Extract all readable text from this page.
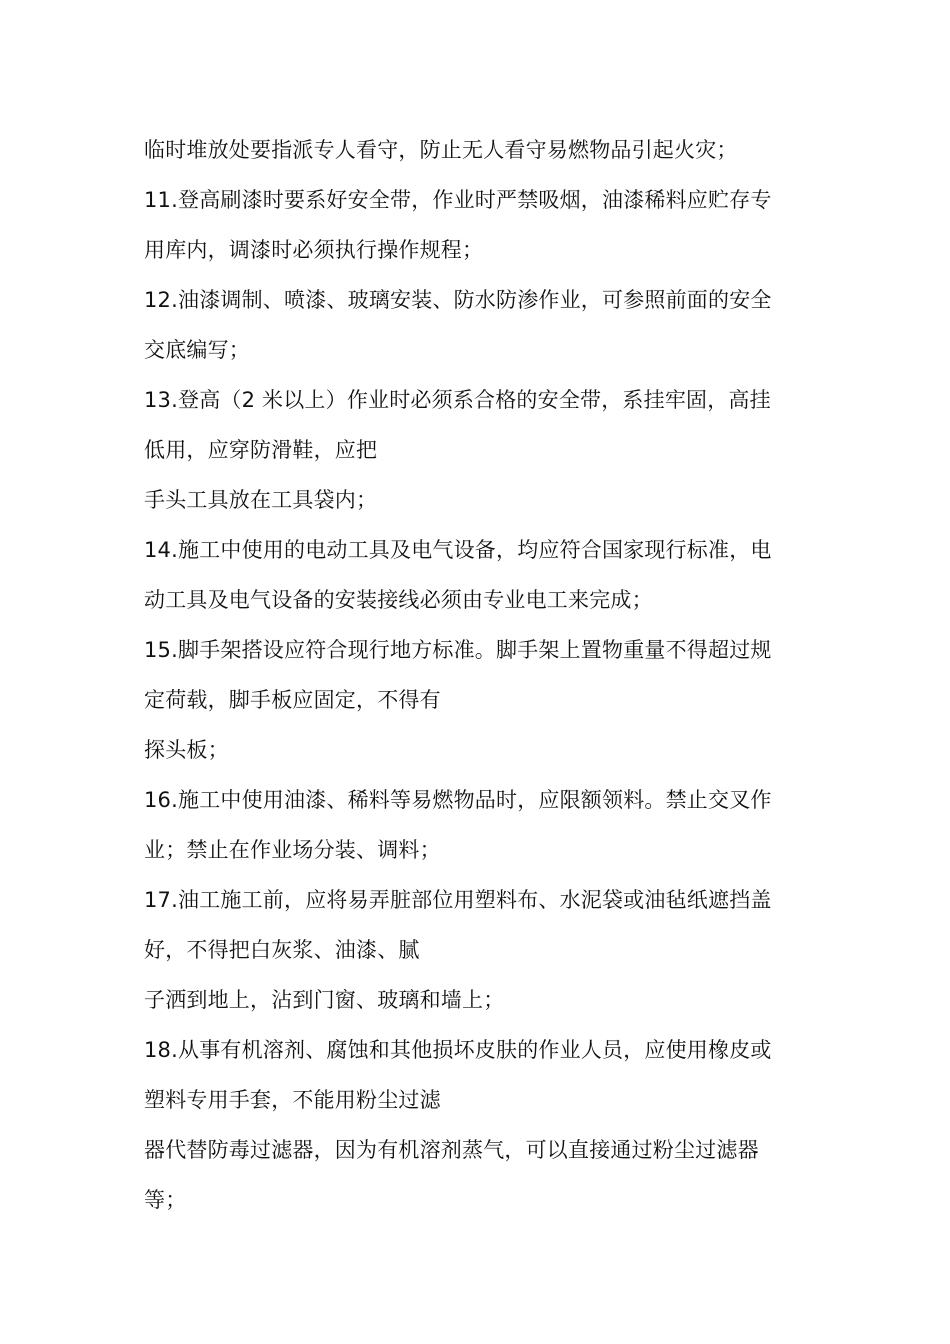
临时堆放处要指派专人看守，防止无人看守易燃物品引起火灾；
11.登高刷漆时要系好安全带，作业时严禁吸烟，油漆稀料应贮存专
用库内，调漆时必须执行操作规程；
12.油漆调制、喷漆、玻璃安装、防水防渗作业，可参照前面的安全
交底编写；
13.登高（2 米以上）作业时必须系合格的安全带，系挂牢固，高挂
低用，应穿防滑鞋，应把
手头工具放在工具袋内；
14.施工中使用的电动工具及电气设备，均应符合国家现行标准，电
动工具及电气设备的安装接线必须由专业电工来完成；
15.脚手架搭设应符合现行地方标准。脚手架上置物重量不得超过规
定荷载，脚手板应固定，不得有
探头板；
16.施工中使用油漆、稀料等易燃物品时，应限额领料。禁止交叉作
业；禁止在作业场分装、调料；
17.油工施工前，应将易弄脏部位用塑料布、水泥袋或油毡纸遮挡盖
好，不得把白灰浆、油漆、腻
子洒到地上，沾到门窗、玻璃和墙上；
18.从事有机溶剂、腐蚀和其他损坏皮肤的作业人员，应使用橡皮或
塑料专用手套，不能用粉尘过滤
器代替防毒过滤器，因为有机溶剂蒸气，可以直接通过粉尘过滤器
等；
